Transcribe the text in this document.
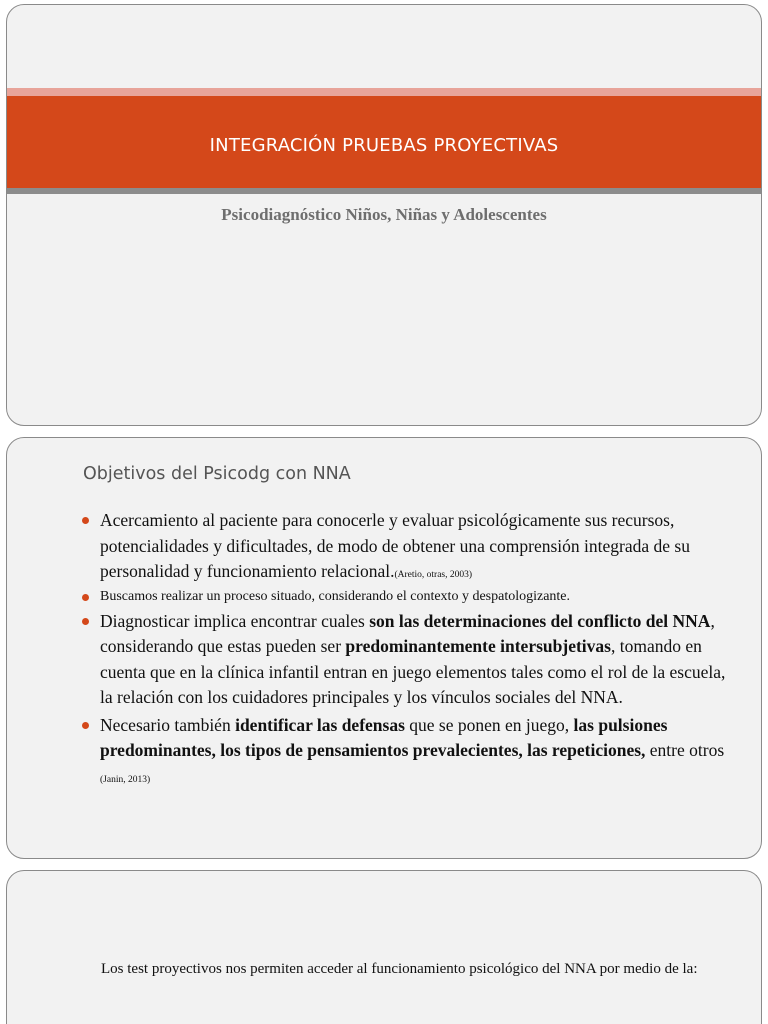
INTEGRACIÓN PRUEBAS PROYECTIVAS
Psicodiagnóstico Niños, Niñas y Adolescentes
Objetivos del Psicodg con NNA
Acercamiento al paciente para conocerle y evaluar psicológicamente sus recursos, potencialidades y dificultades, de modo de obtener una comprensión integrada de su personalidad y funcionamiento relacional.(Aretio, otras, 2003)
Buscamos realizar un proceso situado, considerando el contexto y despatologizante.
Diagnosticar implica encontrar cuales son las determinaciones del conflicto del NNA, considerando que estas pueden ser predominantemente intersubjetivas, tomando en cuenta que en la clínica infantil entran en juego elementos tales como el rol de la escuela, la relación con los cuidadores principales y los vínculos sociales del NNA.
Necesario también identificar las defensas que se ponen en juego, las pulsiones predominantes, los tipos de pensamientos prevalecientes, las repeticiones, entre otros (Janin, 2013)
Los test proyectivos nos permiten acceder al funcionamiento psicológico del NNA por medio de la:
